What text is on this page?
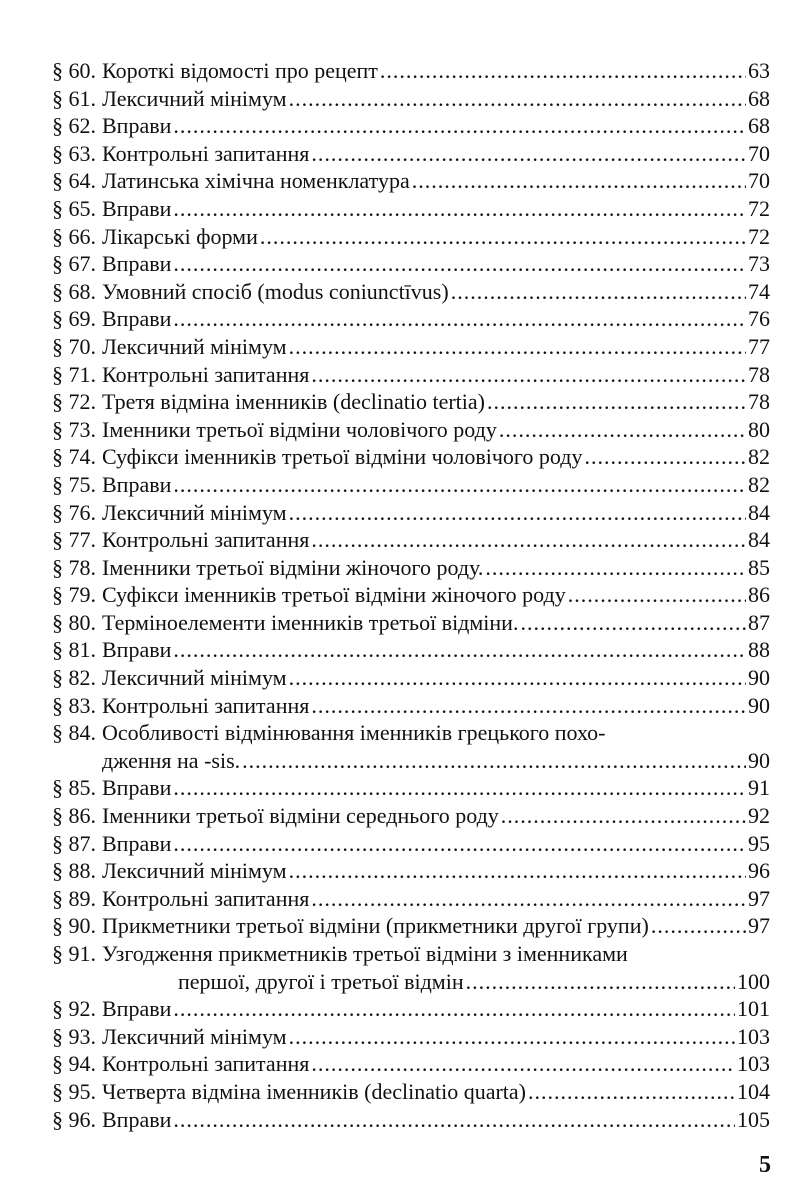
§ 60. Короткі відомості про рецепт .....	63
§ 61. Лексичний мінімум .....	68
§ 62. Вправи .....	68
§ 63. Контрольні запитання .....	70
§ 64. Латинська хімічна номенклатура .....	70
§ 65. Вправи .....	72
§ 66. Лікарські форми .....	72
§ 67. Вправи .....	73
§ 68. Умовний спосіб (modus coniunctīvus) .....	74
§ 69. Вправи .....	76
§ 70. Лексичний мінімум .....	77
§ 71. Контрольні запитання .....	78
§ 72. Третя відміна іменників (declinatio tertia) .....	78
§ 73. Іменники третьої відміни чоловічого роду .....	80
§ 74. Суфікси іменників третьої відміни чоловічого роду .....	82
§ 75. Вправи .....	82
§ 76. Лексичний мінімум .....	84
§ 77. Контрольні запитання .....	84
§ 78. Іменники третьої відміни жіночого роду. .....	85
§ 79. Суфікси іменників третьої відміни жіночого роду .....	86
§ 80. Терміноелементи іменників третьої відміни. .....	87
§ 81. Вправи .....	88
§ 82. Лексичний мінімум .....	90
§ 83. Контрольні запитання .....	90
§ 84. Особливості відмінювання іменників грецького похо-
дження на -sis. .....	90
§ 85. Вправи .....	91
§ 86. Іменники третьої відміни середнього роду .....	92
§ 87. Вправи .....	95
§ 88. Лексичний мінімум .....	96
§ 89. Контрольні запитання .....	97
§ 90. Прикметники третьої відміни (прикметники другої групи) .....	97
§ 91. Узгодження прикметників третьої відміни з іменниками
першої, другої і третьої відмін .....	100
§ 92. Вправи .....	101
§ 93. Лексичний мінімум .....	103
§ 94. Контрольні запитання .....	103
§ 95. Четверта відміна іменників (declinatio quarta) .....	104
§ 96. Вправи .....	105
5
